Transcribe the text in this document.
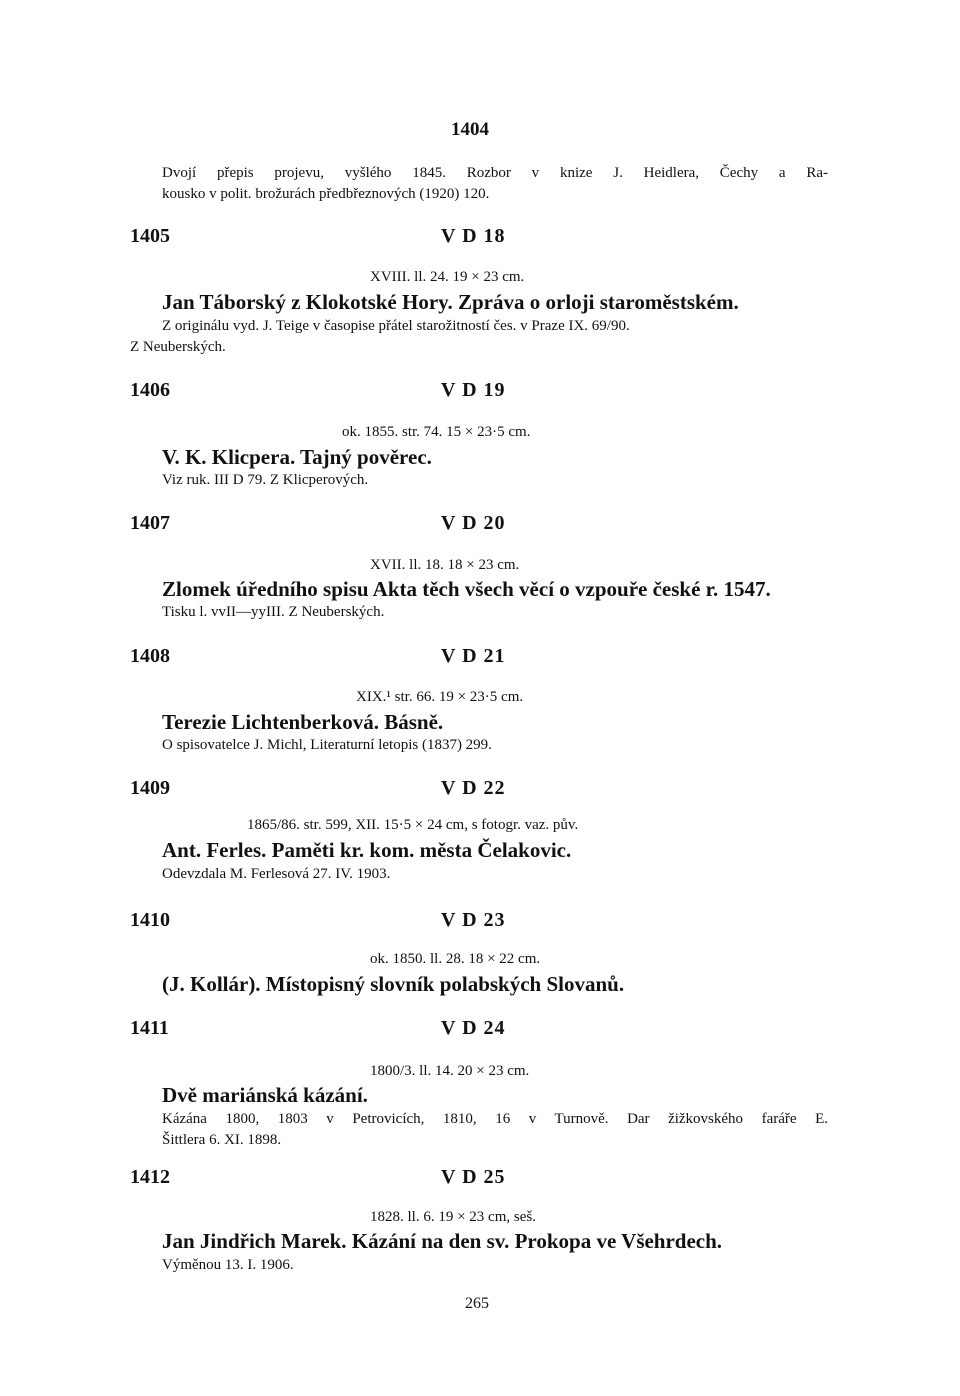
1404
Dvojí přepis projevu, vyšlého 1845. Rozbor v knize J. Heidlera, Čechy a Ra-
kousko v polit. brožurách předbřeznových (1920) 120.
1405	V D 18
XVIII. ll. 24. 19 × 23 cm.
Jan Táborský z Klokotské Hory. Zpráva o orloji staroměstském.
Z originálu vyd. J. Teige v časopise přátel starožitností čes. v Praze IX. 69/90.
Z Neuberských.
1406	V D 19
ok. 1855. str. 74. 15 × 23·5 cm.
V. K. Klicpera. Tajný pověrec.
Viz ruk. III D 79. Z Klicperových.
1407	V D 20
XVII. ll. 18. 18 × 23 cm.
Zlomek úředního spisu Akta těch všech věcí o vzpouře české r. 1547.
Tisku l. vvII—yyIII. Z Neuberských.
1408	V D 21
XIX.¹ str. 66. 19 × 23·5 cm.
Terezie Lichtenberková. Básně.
O spisovatelce J. Michl, Literaturní letopis (1837) 299.
1409	V D 22
1865/86. str. 599, XII. 15·5 × 24 cm, s fotogr. vaz. pův.
Ant. Ferles. Paměti kr. kom. města Čelakovic.
Odevzdala M. Ferlesová 27. IV. 1903.
1410	V D 23
ok. 1850. ll. 28. 18 × 22 cm.
(J. Kollár). Místopisný slovník polabských Slovanů.
1411	V D 24
1800/3. ll. 14. 20 × 23 cm.
Dvě mariánská kázání.
Kázána 1800, 1803 v Petrovicích, 1810, 16 v Turnově. Dar žižkovského faráře E.
Šittlera 6. XI. 1898.
1412	V D 25
1828. ll. 6. 19 × 23 cm, seš.
Jan Jindřich Marek. Kázání na den sv. Prokopa ve Všehrdech.
Výměnou 13. I. 1906.
265
